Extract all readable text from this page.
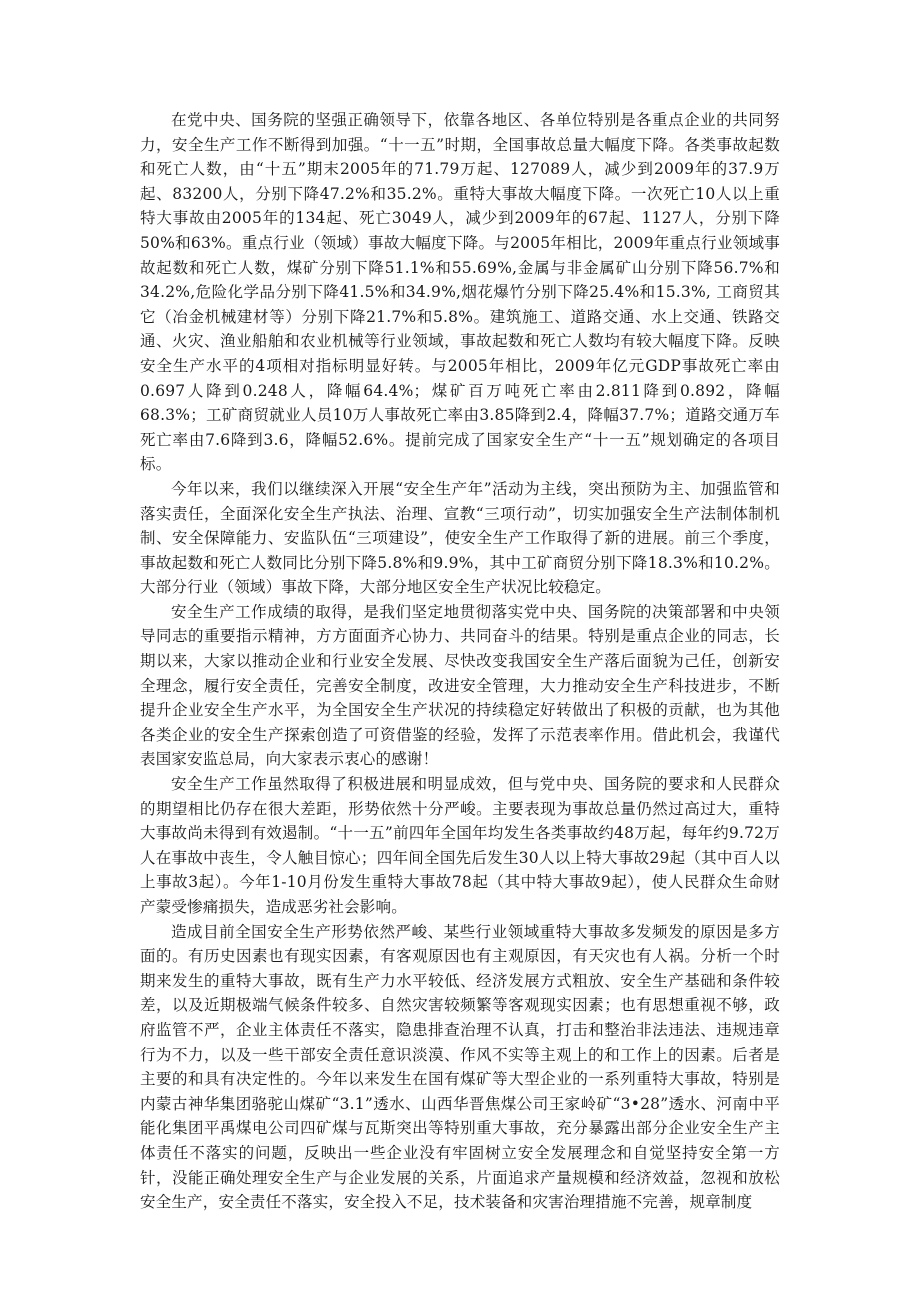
在党中央、国务院的坚强正确领导下，依靠各地区、各单位特别是各重点企业的共同努力，安全生产工作不断得到加强。“十一五”时期，全国事故总量大幅度下降。各类事故起数和死亡人数，由“十五”期末2005年的71.79万起、127089人，减少到2009年的37.9万起、83200人，分别下降47.2%和35.2%。重特大事故大幅度下降。一次死亡10人以上重特大事故由2005年的134起、死亡3049人，减少到2009年的67起、1127人，分别下降50%和63%。重点行业（领域）事故大幅度下降。与2005年相比，2009年重点行业领域事故起数和死亡人数，煤矿分别下降51.1%和55.69%,金属与非金属矿山分别下降56.7%和34.2%,危险化学品分别下降41.5%和34.9%,烟花爆竹分别下降25.4%和15.3%, 工商贸其它（冶金机械建材等）分别下降21.7%和5.8%。建筑施工、道路交通、水上交通、铁路交通、火灾、渔业船舶和农业机械等行业领域，事故起数和死亡人数均有较大幅度下降。反映安全生产水平的4项相对指标明显好转。与2005年相比，2009年亿元GDP事故死亡率由0.697人降到0.248人，降幅64.4%；煤矿百万吨死亡率由2.811降到0.892，降幅68.3%；工矿商贸就业人员10万人事故死亡率由3.85降到2.4，降幅37.7%；道路交通万车死亡率由7.6降到3.6，降幅52.6%。提前完成了国家安全生产“十一五”规划确定的各项目标。

今年以来，我们以继续深入开展“安全生产年”活动为主线，突出预防为主、加强监管和落实责任，全面深化安全生产执法、治理、宣教“三项行动”，切实加强安全生产法制体制机制、安全保障能力、安监队伍“三项建设”，使安全生产工作取得了新的进展。前三个季度，事故起数和死亡人数同比分别下降5.8%和9.9%，其中工矿商贸分别下降18.3%和10.2%。大部分行业（领域）事故下降，大部分地区安全生产状况比较稳定。

安全生产工作成绩的取得，是我们坚定地贯彻落实党中央、国务院的决策部署和中央领导同志的重要指示精神，方方面面齐心协力、共同奋斗的结果。特别是重点企业的同志，长期以来，大家以推动企业和行业安全发展、尽快改变我国安全生产落后面貌为己任，创新安全理念，履行安全责任，完善安全制度，改进安全管理，大力推动安全生产科技进步，不断提升企业安全生产水平，为全国安全生产状况的持续稳定好转做出了积极的贡献，也为其他各类企业的安全生产探索创造了可资借鉴的经验，发挥了示范表率作用。借此机会，我谨代表国家安监总局，向大家表示衷心的感谢！

安全生产工作虽然取得了积极进展和明显成效，但与党中央、国务院的要求和人民群众的期望相比仍存在很大差距，形势依然十分严峻。主要表现为事故总量仍然过高过大，重特大事故尚未得到有效遏制。“十一五”前四年全国年均发生各类事故约48万起，每年约9.72万人在事故中丧生，令人触目惊心；四年间全国先后发生30人以上特大事故29起（其中百人以上事故3起）。今年1-10月份发生重特大事故78起（其中特大事故9起），使人民群众生命财产蒙受惨痛损失，造成恶劣社会影响。

造成目前全国安全生产形势依然严峻、某些行业领域重特大事故多发频发的原因是多方面的。有历史因素也有现实因素，有客观原因也有主观原因，有天灾也有人祸。分析一个时期来发生的重特大事故，既有生产力水平较低、经济发展方式粗放、安全生产基础和条件较差，以及近期极端气候条件较多、自然灾害较频繁等客观现实因素；也有思想重视不够，政府监管不严，企业主体责任不落实，隐患排查治理不认真，打击和整治非法违法、违规违章行为不力，以及一些干部安全责任意识淡漠、作风不实等主观上的和工作上的因素。后者是主要的和具有决定性的。今年以来发生在国有煤矿等大型企业的一系列重特大事故，特别是内蒙古神华集团骆驼山煤矿“3.1”透水、山西华晋焦煤公司王家岭矿“3•28”透水、河南中平能化集团平禹煤电公司四矿煤与瓦斯突出等特别重大事故，充分暴露出部分企业安全生产主体责任不落实的问题，反映出一些企业没有牢固树立安全发展理念和自觉坚持安全第一方针，没能正确处理安全生产与企业发展的关系，片面追求产量规模和经济效益，忽视和放松安全生产，安全责任不落实，安全投入不足，技术装备和灾害治理措施不完善，规章制度
